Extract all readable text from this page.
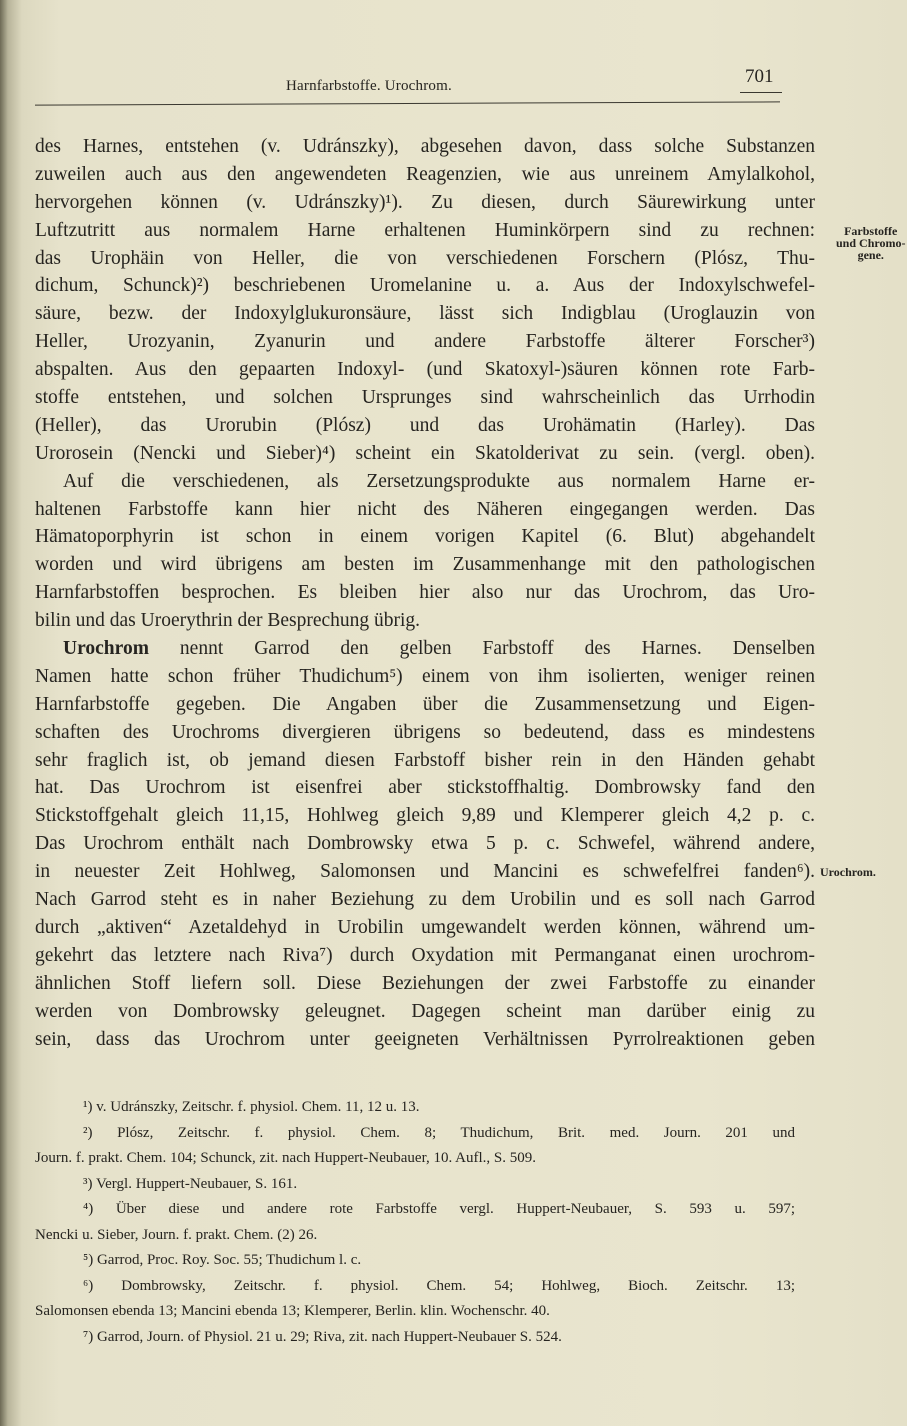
Harnfarbstoffe. Urochrom.	701
Farbstoffe
und Chromo-
gene.
Urochrom.
des Harnes, entstehen (v. Udránszky), abgesehen davon, dass solche Substanzen
zuweilen auch aus den angewendeten Reagenzien, wie aus unreinem Amylalkohol,
hervorgehen können (v. Udránszky)¹). Zu diesen, durch Säurewirkung unter
Luftzutritt aus normalem Harne erhaltenen Huminkörpern sind zu rechnen:
das Urophäin von Heller, die von verschiedenen Forschern (Plósz, Thu-
dichum, Schunck)²) beschriebenen Uromelanine u. a. Aus der Indoxylschwefel-
säure, bezw. der Indoxylglukuronsäure, lässt sich Indigblau (Uroglauzin von
Heller, Urozyanin, Zyanurin und andere Farbstoffe älterer Forscher³)
abspalten. Aus den gepaarten Indoxyl- (und Skatoxyl-)säuren können rote Farb-
stoffe entstehen, und solchen Ursprunges sind wahrscheinlich das Urrhodin
(Heller), das Urorubin (Plósz) und das Urohämatin (Harley). Das
Urorosein (Nencki und Sieber)⁴) scheint ein Skatolderivat zu sein. (vergl. oben).
Auf die verschiedenen, als Zersetzungsprodukte aus normalem Harne er-
haltenen Farbstoffe kann hier nicht des Näheren eingegangen werden. Das
Hämatoporphyrin ist schon in einem vorigen Kapitel (6. Blut) abgehandelt
worden und wird übrigens am besten im Zusammenhange mit den pathologischen
Harnfarbstoffen besprochen. Es bleiben hier also nur das Urochrom, das Uro-
bilin und das Uroerythrin der Besprechung übrig.
Urochrom nennt Garrod den gelben Farbstoff des Harnes. Denselben
Namen hatte schon früher Thudichum⁵) einem von ihm isolierten, weniger reinen
Harnfarbstoffe gegeben. Die Angaben über die Zusammensetzung und Eigen-
schaften des Urochroms divergieren übrigens so bedeutend, dass es mindestens
sehr fraglich ist, ob jemand diesen Farbstoff bisher rein in den Händen gehabt
hat. Das Urochrom ist eisenfrei aber stickstoffhaltig. Dombrowsky fand den
Stickstoffgehalt gleich 11,15, Hohlweg gleich 9,89 und Klemperer gleich 4,2 p. c.
Das Urochrom enthält nach Dombrowsky etwa 5 p. c. Schwefel, während andere,
in neuester Zeit Hohlweg, Salomonsen und Mancini es schwefelfrei fanden⁶).
Nach Garrod steht es in naher Beziehung zu dem Urobilin und es soll nach Garrod
durch „aktiven“ Azetaldehyd in Urobilin umgewandelt werden können, während um-
gekehrt das letztere nach Riva⁷) durch Oxydation mit Permanganat einen urochrom-
ähnlichen Stoff liefern soll. Diese Beziehungen der zwei Farbstoffe zu einander
werden von Dombrowsky geleugnet. Dagegen scheint man darüber einig zu
sein, dass das Urochrom unter geeigneten Verhältnissen Pyrrolreaktionen geben
¹) v. Udránszky, Zeitschr. f. physiol. Chem. 11, 12 u. 13.
²) Plósz, Zeitschr. f. physiol. Chem. 8; Thudichum, Brit. med. Journ. 201 und
Journ. f. prakt. Chem. 104; Schunck, zit. nach Huppert-Neubauer, 10. Aufl., S. 509.
³) Vergl. Huppert-Neubauer, S. 161.
⁴) Über diese und andere rote Farbstoffe vergl. Huppert-Neubauer, S. 593 u. 597;
Nencki u. Sieber, Journ. f. prakt. Chem. (2) 26.
⁵) Garrod, Proc. Roy. Soc. 55; Thudichum l. c.
⁶) Dombrowsky, Zeitschr. f. physiol. Chem. 54; Hohlweg, Bioch. Zeitschr. 13;
Salomonsen ebenda 13; Mancini ebenda 13; Klemperer, Berlin. klin. Wochenschr. 40.
⁷) Garrod, Journ. of Physiol. 21 u. 29; Riva, zit. nach Huppert-Neubauer S. 524.
